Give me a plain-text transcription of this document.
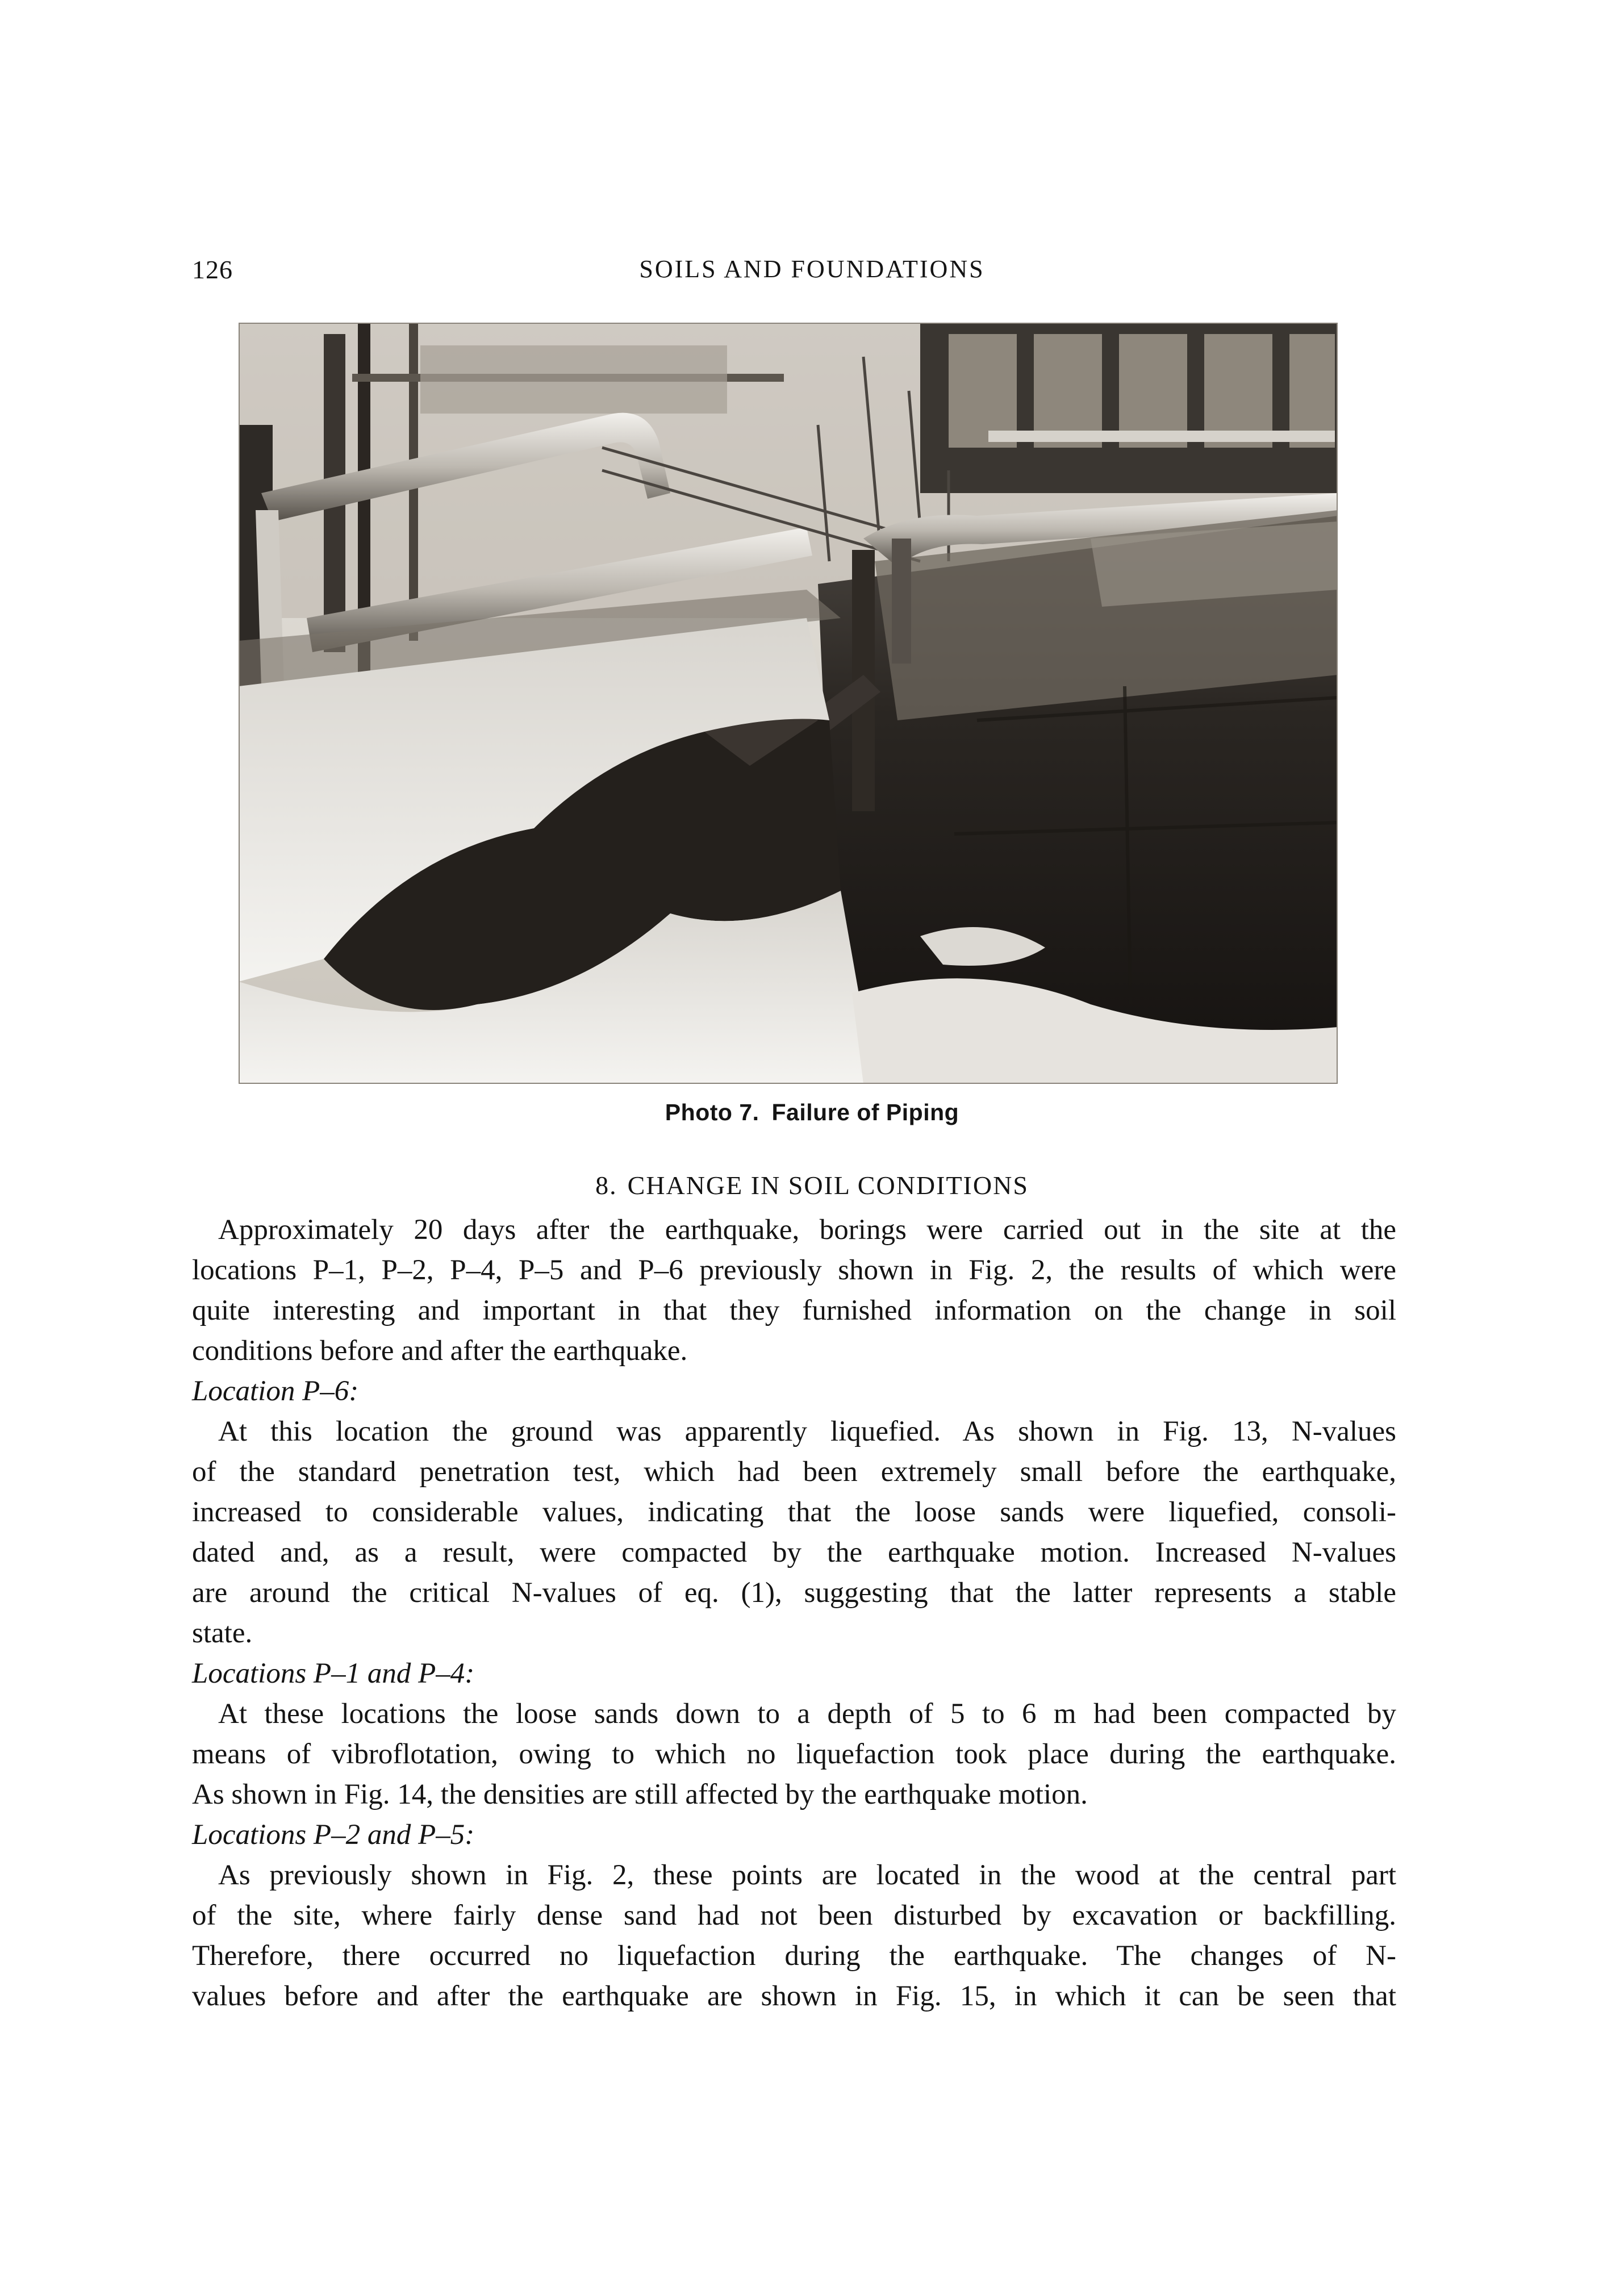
126	SOILS AND FOUNDATIONS
Photo 7. Failure of Piping
8. CHANGE IN SOIL CONDITIONS
Approximately 20 days after the earthquake, borings were carried out in the site at the
locations P–1, P–2, P–4, P–5 and P–6 previously shown in Fig. 2, the results of which were
quite interesting and important in that they furnished information on the change in soil
conditions before and after the earthquake.
Location P–6:
At this location the ground was apparently liquefied. As shown in Fig. 13, N-values
of the standard penetration test, which had been extremely small before the earthquake,
increased to considerable values, indicating that the loose sands were liquefied, consoli-
dated and, as a result, were compacted by the earthquake motion. Increased N-values
are around the critical N-values of eq. (1), suggesting that the latter represents a stable
state.
Locations P–1 and P–4:
At these locations the loose sands down to a depth of 5 to 6 m had been compacted by
means of vibroflotation, owing to which no liquefaction took place during the earthquake.
As shown in Fig. 14, the densities are still affected by the earthquake motion.
Locations P–2 and P–5:
As previously shown in Fig. 2, these points are located in the wood at the central part
of the site, where fairly dense sand had not been disturbed by excavation or backfilling.
Therefore, there occurred no liquefaction during the earthquake. The changes of N-
values before and after the earthquake are shown in Fig. 15, in which it can be seen that
